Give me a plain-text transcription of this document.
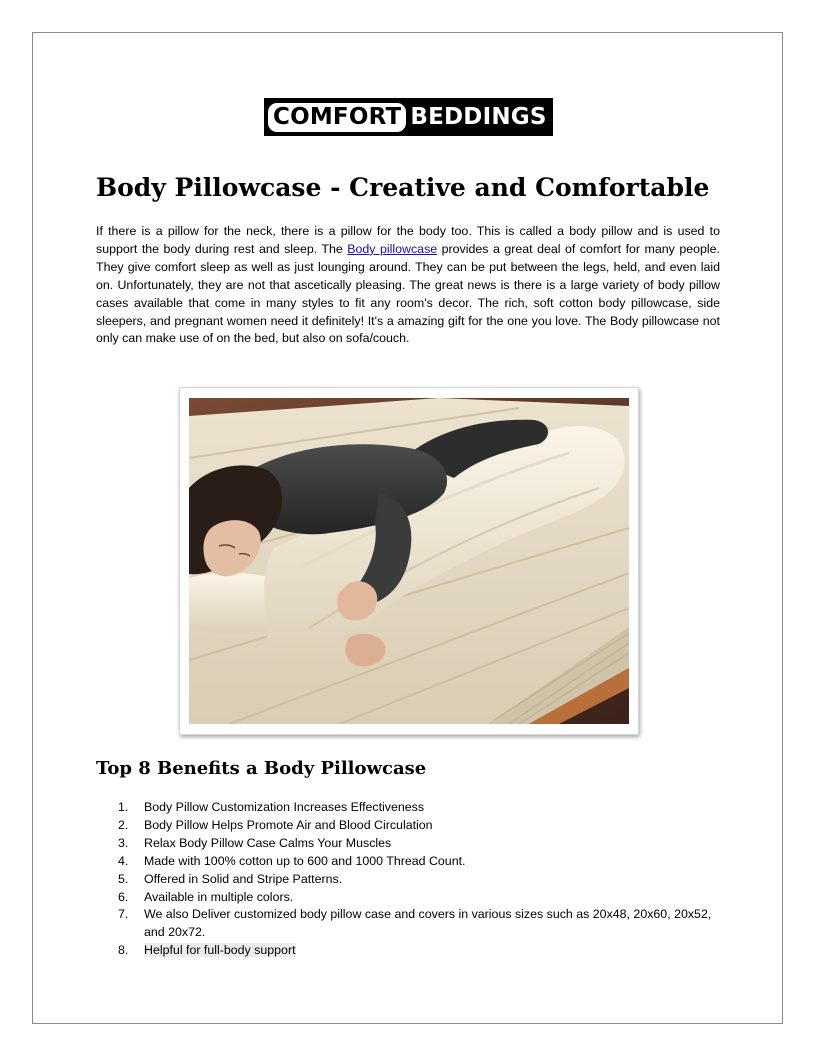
COMFORT BEDDINGS
Body Pillowcase - Creative and Comfortable

If there is a pillow for the neck, there is a pillow for the body too. This is called a body pillow and is used to support the body during rest and sleep. The Body pillowcase provides a great deal of comfort for many people. They give comfort sleep as well as just lounging around. They can be put between the legs, held, and even laid on. Unfortunately, they are not that ascetically pleasing. The great news is there is a large variety of body pillow cases available that come in many styles to fit any room's decor. The rich, soft cotton body pillowcase, side sleepers, and pregnant women need it definitely! It's a amazing gift for the one you love. The Body pillowcase not only can make use of on the bed, but also on sofa/couch.

Top 8 Benefits a Body Pillowcase
1. Body Pillow Customization Increases Effectiveness
2. Body Pillow Helps Promote Air and Blood Circulation
3. Relax Body Pillow Case Calms Your Muscles
4. Made with 100% cotton up to 600 and 1000 Thread Count.
5. Offered in Solid and Stripe Patterns.
6. Available in multiple colors.
7. We also Deliver customized body pillow case and covers in various sizes such as 20x48, 20x60, 20x52, and 20x72.
8. Helpful for full-body support
